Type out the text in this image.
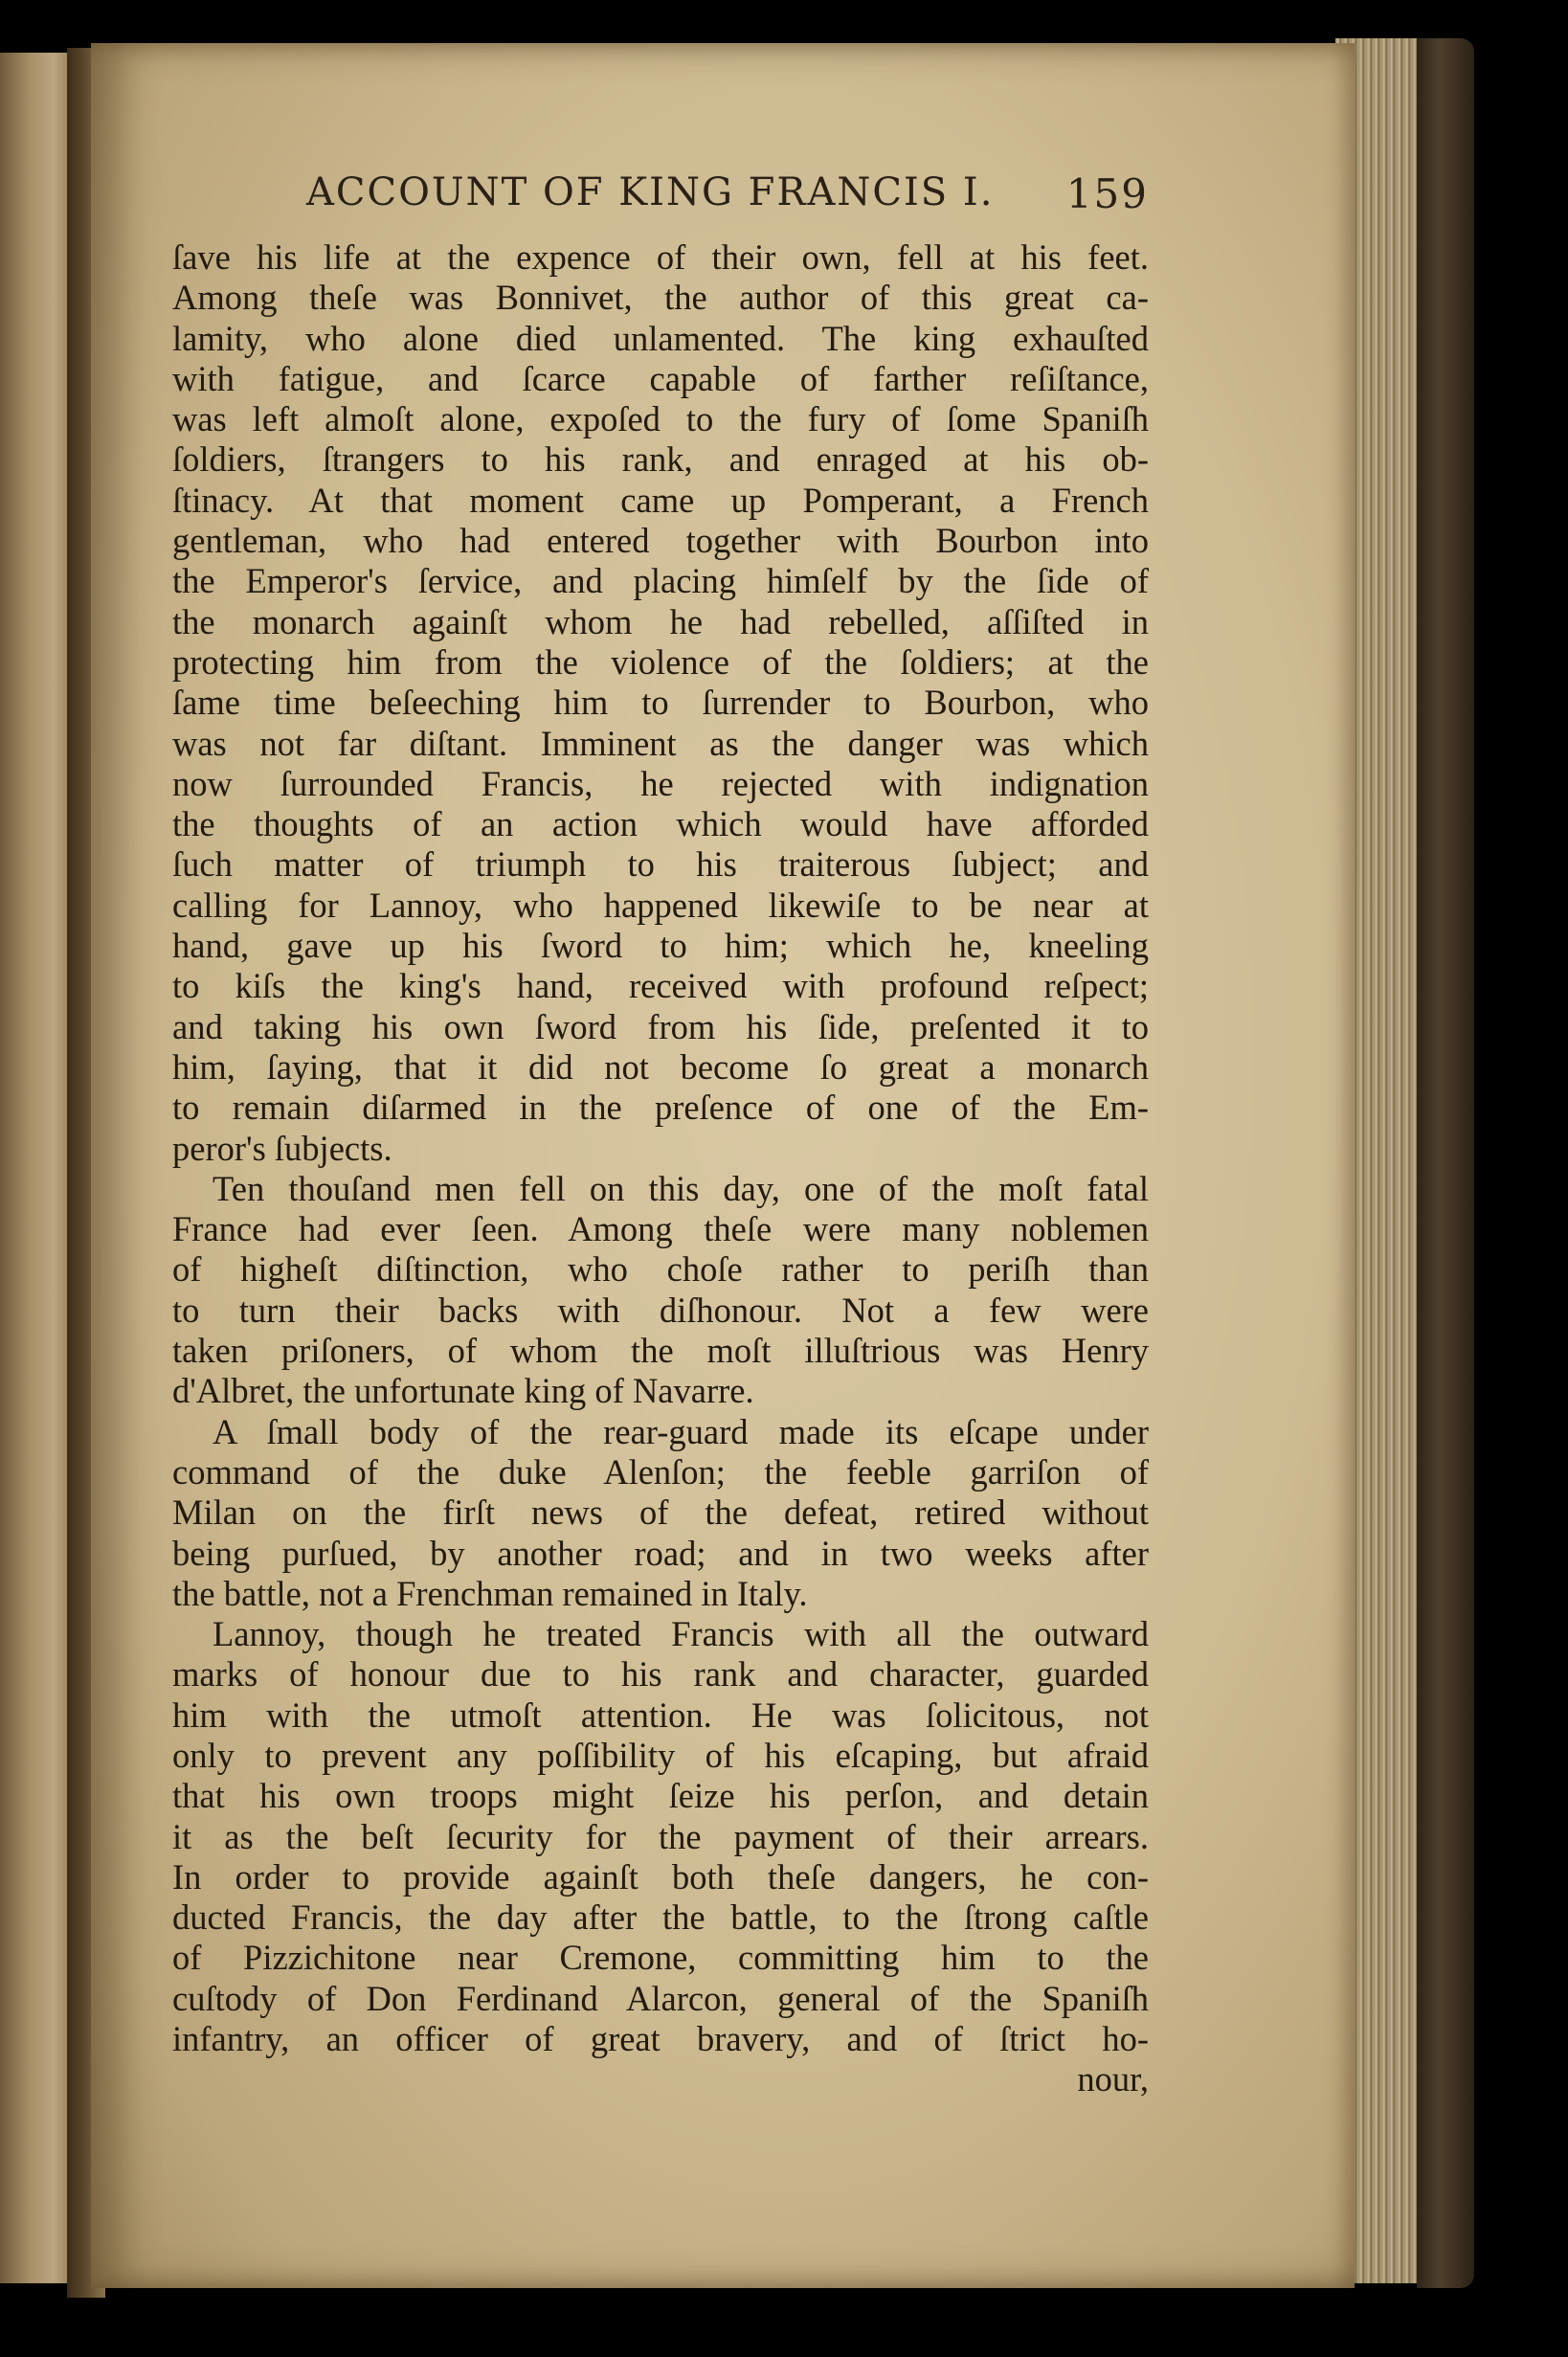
ACCOUNT OF KING FRANCIS I. 159
ſave his life at the expence of their own, fell at his feet.
Among theſe was Bonnivet, the author of this great ca-
lamity, who alone died unlamented. The king exhauſted
with fatigue, and ſcarce capable of farther reſiſtance,
was left almoſt alone, expoſed to the fury of ſome Spaniſh
ſoldiers, ſtrangers to his rank, and enraged at his ob-
ſtinacy. At that moment came up Pomperant, a French
gentleman, who had entered together with Bourbon into
the Emperor's ſervice, and placing himſelf by the ſide of
the monarch againſt whom he had rebelled, aſſiſted in
protecting him from the violence of the ſoldiers; at the
ſame time beſeeching him to ſurrender to Bourbon, who
was not far diſtant. Imminent as the danger was which
now ſurrounded Francis, he rejected with indignation
the thoughts of an action which would have afforded
ſuch matter of triumph to his traiterous ſubject; and
calling for Lannoy, who happened likewiſe to be near at
hand, gave up his ſword to him; which he, kneeling
to kiſs the king's hand, received with profound reſpect;
and taking his own ſword from his ſide, preſented it to
him, ſaying, that it did not become ſo great a monarch
to remain diſarmed in the preſence of one of the Em-
peror's ſubjects.
Ten thouſand men fell on this day, one of the moſt fatal
France had ever ſeen. Among theſe were many noblemen
of higheſt diſtinction, who choſe rather to periſh than
to turn their backs with diſhonour. Not a few were
taken priſoners, of whom the moſt illuſtrious was Henry
d'Albret, the unfortunate king of Navarre.
A ſmall body of the rear-guard made its eſcape under
command of the duke Alenſon; the feeble garriſon of
Milan on the firſt news of the defeat, retired without
being purſued, by another road; and in two weeks after
the battle, not a Frenchman remained in Italy.
Lannoy, though he treated Francis with all the outward
marks of honour due to his rank and character, guarded
him with the utmoſt attention. He was ſolicitous, not
only to prevent any poſſibility of his eſcaping, but afraid
that his own troops might ſeize his perſon, and detain
it as the beſt ſecurity for the payment of their arrears.
In order to provide againſt both theſe dangers, he con-
ducted Francis, the day after the battle, to the ſtrong caſtle
of Pizzichitone near Cremone, committing him to the
cuſtody of Don Ferdinand Alarcon, general of the Spaniſh
infantry, an officer of great bravery, and of ſtrict ho-
nour,
